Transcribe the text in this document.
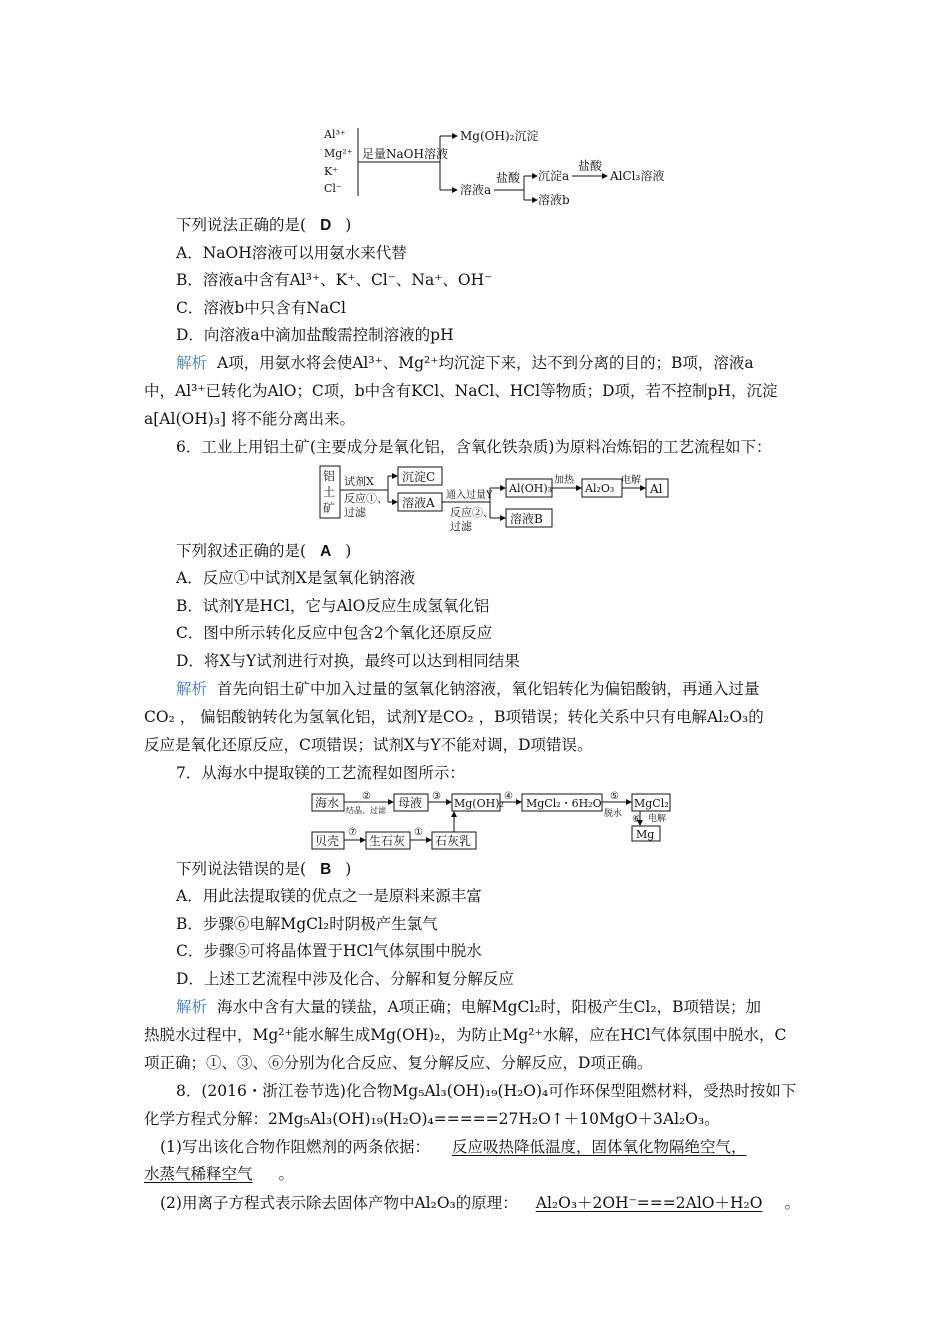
Al³⁺
Mg²⁺
K⁺
Cl⁻
足量NaOH溶液
Mg(OH)₂沉淀
溶液a
盐酸 沉淀a
溶液b
盐酸
AlCl₃溶液
下列说法正确的是( D )
A．NaOH溶液可以用氨水来代替
B．溶液a中含有Al³⁺、K⁺、Cl⁻、Na⁺、OH⁻
C．溶液b中只含有NaCl
D．向溶液a中滴加盐酸需控制溶液的pH
解析 A项，用氨水将会使Al³⁺、Mg²⁺均沉淀下来，达不到分离的目的；B项，溶液a
中，Al³⁺已转化为AlO；C项，b中含有KCl、NaCl、HCl等物质；D项，若不控制pH，沉淀
a[Al(OH)₃] 将不能分离出来。
6．工业上用铝土矿(主要成分是氧化铝，含氧化铁杂质)为原料冶炼铝的工艺流程如下：
铝
土
矿
试剂X
反应①、
过滤
沉淀C
溶液A
通入过量Y
反应②、
过滤
Al(OH)₃
溶液B
加热
Al₂O₃
电解
Al
下列叙述正确的是( A )
A．反应①中试剂X是氢氧化钠溶液
B．试剂Y是HCl，它与AlO反应生成氢氧化铝
C．图中所示转化反应中包含2个氧化还原反应
D．将X与Y试剂进行对换，最终可以达到相同结果
解析 首先向铝土矿中加入过量的氢氧化钠溶液，氧化铝转化为偏铝酸钠，再通入过量
CO₂ ， 偏铝酸钠转化为氢氧化铝，试剂Y是CO₂ ，B项错误；转化关系中只有电解Al₂O₃的
反应是氧化还原反应，C项错误；试剂X与Y不能对调，D项错误。
7．从海水中提取镁的工艺流程如图所示：
海水 ②
结晶、过滤
母液 ③
Mg(OH)₂
④
MgCl₂・6H₂O
⑤
脱水
MgCl₂
⑥ 电解
Mg
贝壳
⑦
生石灰
①
石灰乳
下列说法错误的是( B )
A．用此法提取镁的优点之一是原料来源丰富
B．步骤⑥电解MgCl₂时阴极产生氯气
C．步骤⑤可将晶体置于HCl气体氛围中脱水
D．上述工艺流程中涉及化合、分解和复分解反应
解析 海水中含有大量的镁盐，A项正确；电解MgCl₂时，阳极产生Cl₂，B项错误；加
热脱水过程中，Mg²⁺能水解生成Mg(OH)₂，为防止Mg²⁺水解，应在HCl气体氛围中脱水，C
项正确；①、③、⑥分别为化合反应、复分解反应、分解反应，D项正确。
8．(2016・浙江卷节选)化合物Mg₅Al₃(OH)₁₉(H₂O)₄可作环保型阻燃材料，受热时按如下
化学方程式分解：2Mg₅Al₃(OH)₁₉(H₂O)₄=====27H₂O↑＋10MgO＋3Al₂O₃。
(1)写出该化合物作阻燃剂的两条依据： 反应吸热降低温度，固体氧化物隔绝空气，
水蒸气稀释空气 。
(2)用离子方程式表示除去固体产物中Al₂O₃的原理： Al₂O₃＋2OH⁻===2AlO＋H₂O 。
